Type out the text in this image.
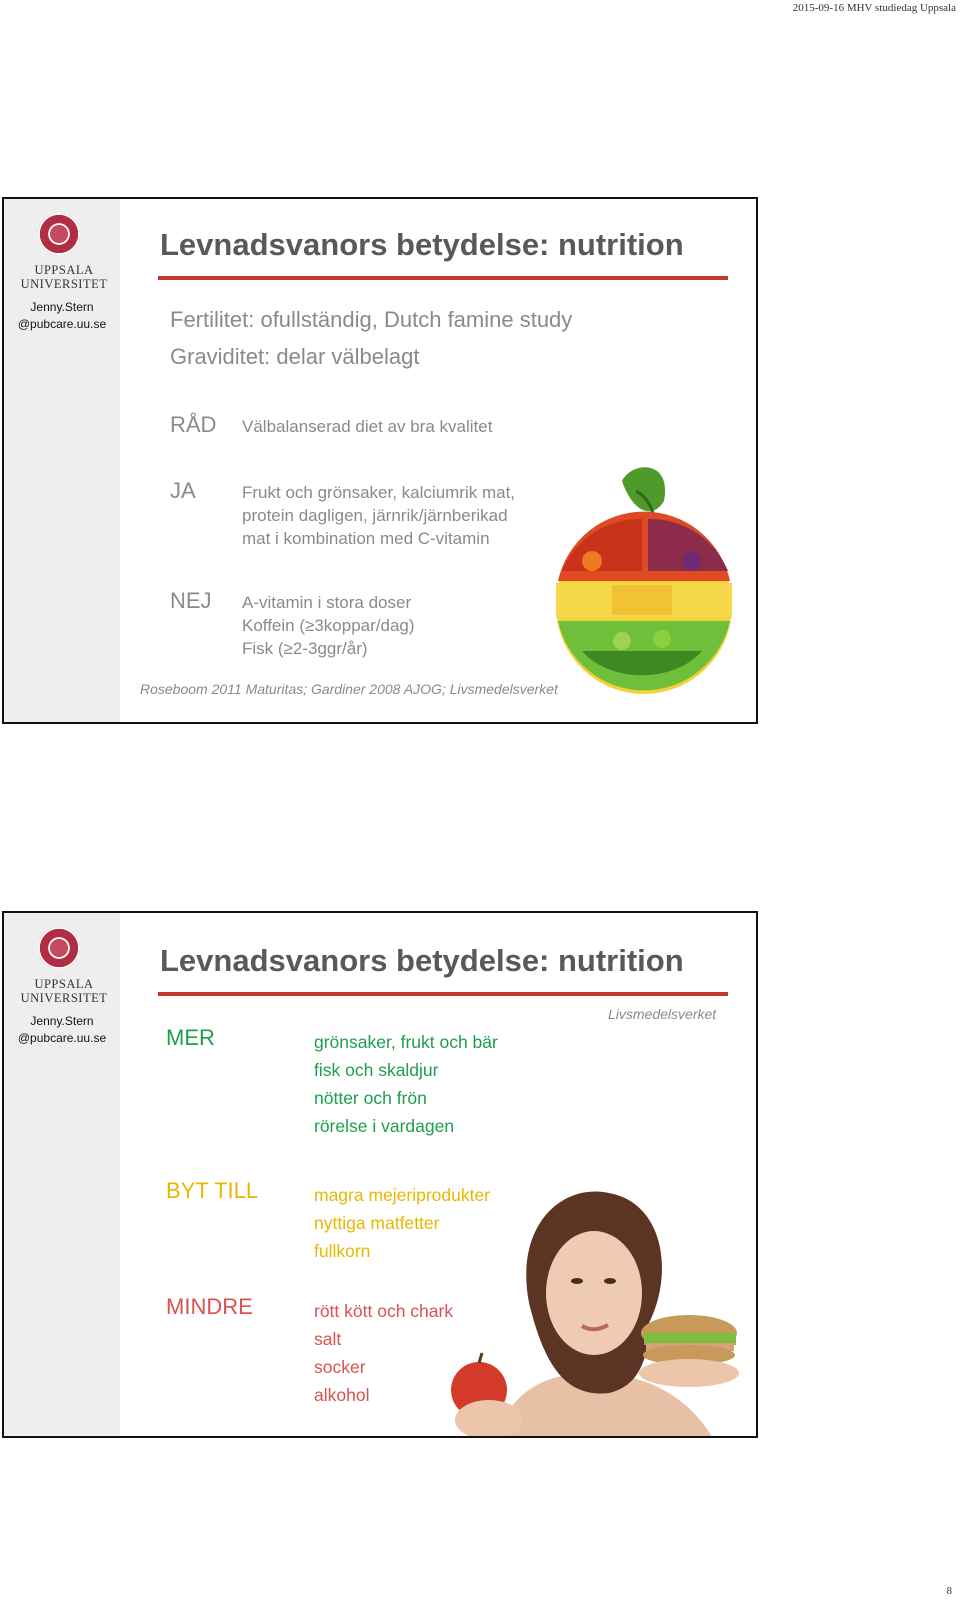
2015-09-16 MHV studiedag Uppsala
UPPSALA
UNIVERSITET
Jenny.Stern
@pubcare.uu.se
Levnadsvanors betydelse: nutrition
Fertilitet: ofullständig, Dutch famine study
Graviditet: delar välbelagt
RÅD Välbalanserad diet av bra kvalitet
JA	Frukt och grönsaker, kalciumrik mat,
protein dagligen, järnrik/järnberikad
mat i kombination med C-vitamin
NEJ A-vitamin i stora doser
Koffein (≥3koppar/dag)
Fisk (≥2-3ggr/år)
Roseboom 2011 Maturitas; Gardiner 2008 AJOG; Livsmedelsverket
UPPSALA
UNIVERSITET
Jenny.Stern
@pubcare.uu.se
Levnadsvanors betydelse: nutrition
Livsmedelsverket
MER	grönsaker, frukt och bär
fisk och skaldjur
nötter och frön
rörelse i vardagen
BYT TILL	magra mejeriprodukter
nyttiga matfetter
fullkorn
MINDRE	rött kött och chark
salt
socker
alkohol
8
